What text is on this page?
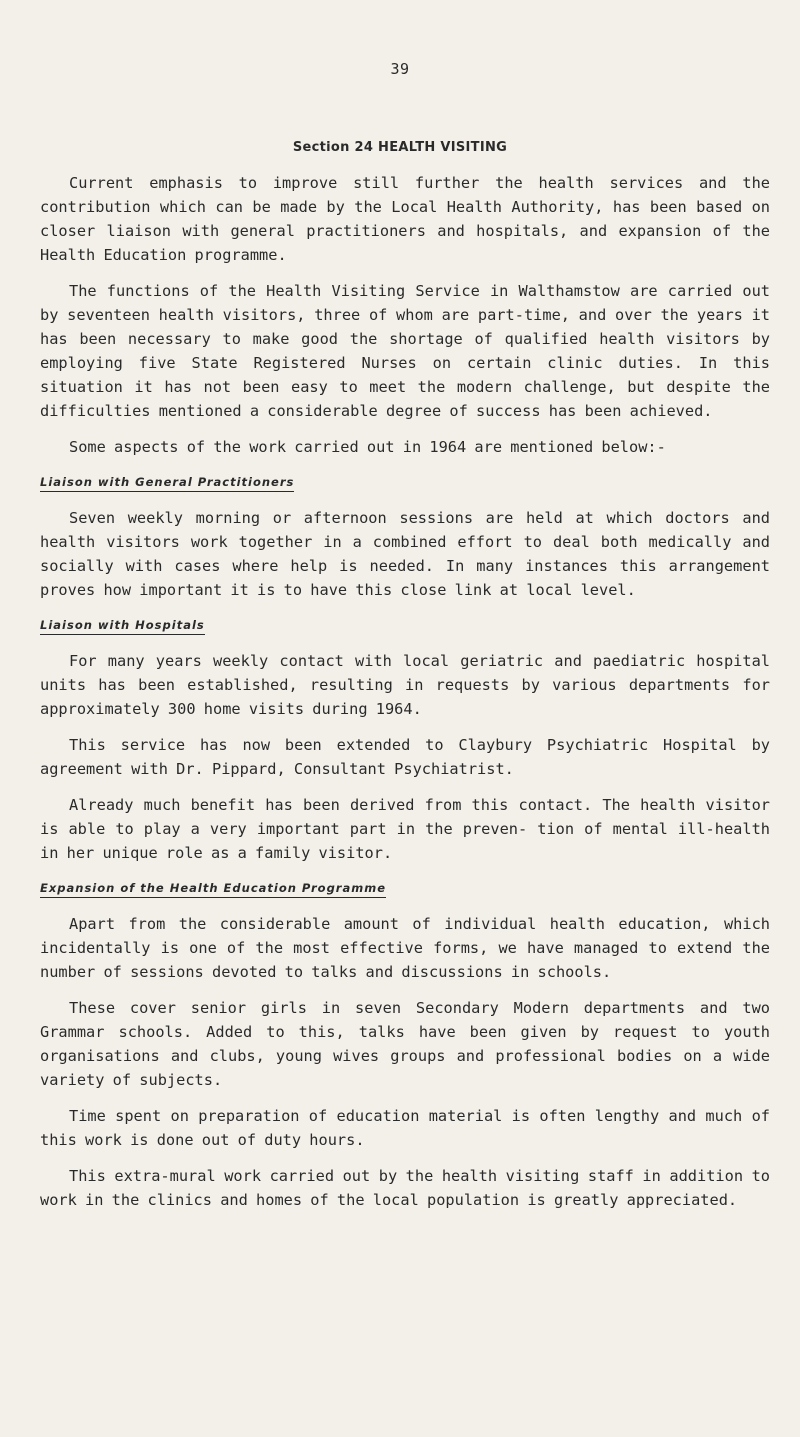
39
Section 24 HEALTH VISITING

Current emphasis to improve still further the health services and the contribution which can be made by the Local Health Authority, has been based on closer liaison with general practitioners and hospitals, and expansion of the Health Education programme.

The functions of the Health Visiting Service in Walthamstow are carried out by seventeen health visitors, three of whom are part-time, and over the years it has been necessary to make good the shortage of qualified health visitors by employing five State Registered Nurses on certain clinic duties. In this situation it has not been easy to meet the modern challenge, but despite the difficulties mentioned a considerable degree of success has been achieved.

Some aspects of the work carried out in 1964 are mentioned below:-

Liaison with General Practitioners

Seven weekly morning or afternoon sessions are held at which doctors and health visitors work together in a combined effort to deal both medically and socially with cases where help is needed. In many instances this arrangement proves how important it is to have this close link at local level.

Liaison with Hospitals

For many years weekly contact with local geriatric and paediatric hospital units has been established, resulting in requests by various departments for approximately 300 home visits during 1964.

This service has now been extended to Claybury Psychiatric Hospital by agreement with Dr. Pippard, Consultant Psychiatrist.

Already much benefit has been derived from this contact. The health visitor is able to play a very important part in the preven- tion of mental ill-health in her unique role as a family visitor.

Expansion of the Health Education Programme

Apart from the considerable amount of individual health education, which incidentally is one of the most effective forms, we have managed to extend the number of sessions devoted to talks and discussions in schools.

These cover senior girls in seven Secondary Modern departments and two Grammar schools. Added to this, talks have been given by request to youth organisations and clubs, young wives groups and professional bodies on a wide variety of subjects.

Time spent on preparation of education material is often lengthy and much of this work is done out of duty hours.

This extra-mural work carried out by the health visiting staff in addition to work in the clinics and homes of the local population is greatly appreciated.
